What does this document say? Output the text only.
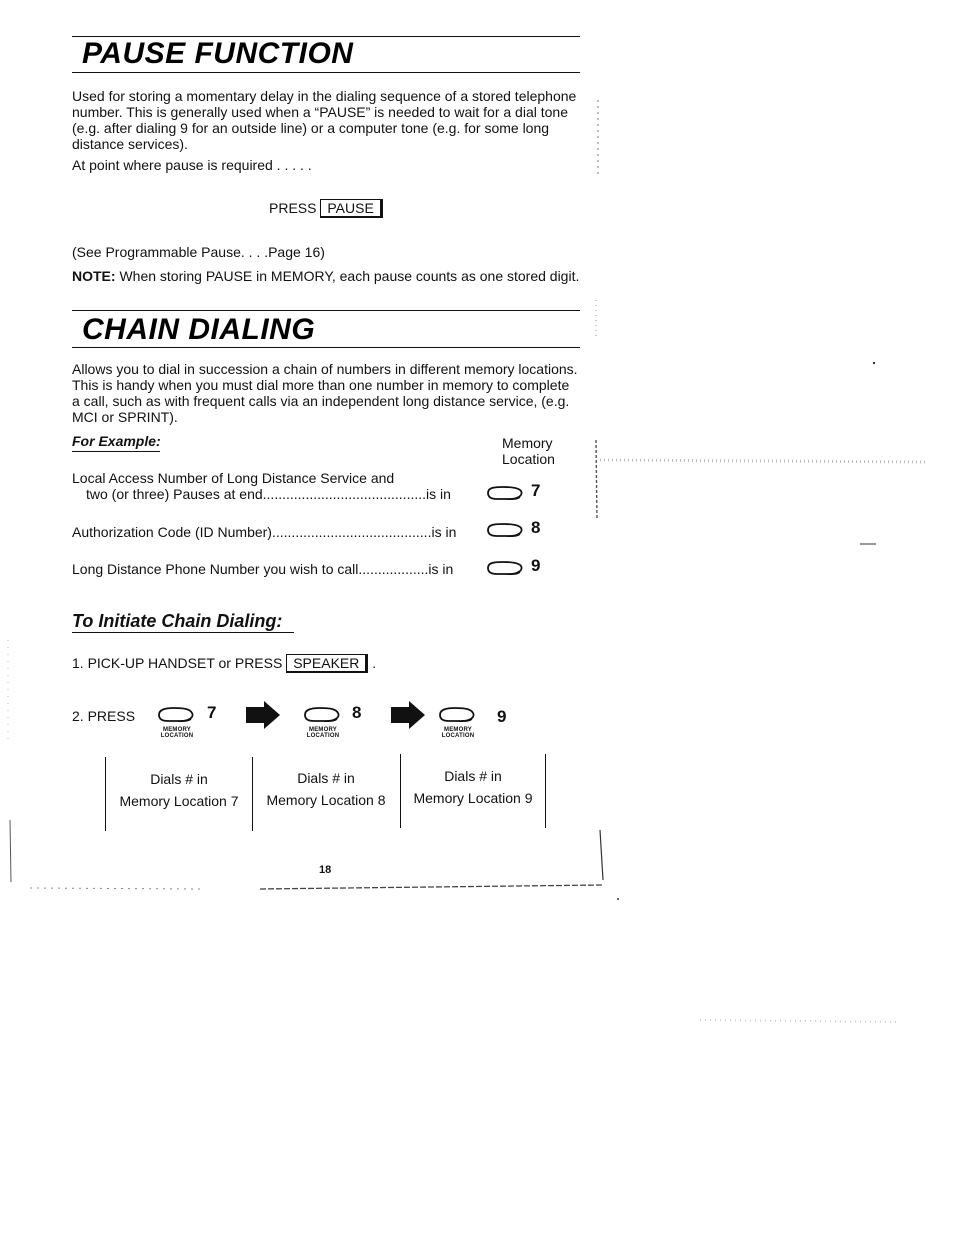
PAUSE FUNCTION
Used for storing a momentary delay in the dialing sequence of a stored telephone
number. This is generally used when a “PAUSE” is needed to wait for a dial tone
(e.g. after dialing 9 for an outside line) or a computer tone (e.g. for some long
distance services).
At point where pause is required . . . . .
PRESS PAUSE
(See Programmable Pause. . . .Page 16)
NOTE: When storing PAUSE in MEMORY, each pause counts as one stored digit.
CHAIN DIALING
Allows you to dial in succession a chain of numbers in different memory locations.
This is handy when you must dial more than one number in memory to complete
a call, such as with frequent calls via an independent long distance service, (e.g.
MCI or SPRINT).
For Example:	Memory
Location
Local Access Number of Long Distance Service and
two (or three) Pauses at end..........................................is in	7
Authorization Code (ID Number).........................................is in	8
Long Distance Phone Number you wish to call..................is in	9
To Initiate Chain Dialing:
1. PICK-UP HANDSET or PRESS SPEAKER .
2. PRESS
MEMORY
LOCATION
7
MEMORY
LOCATION
8
MEMORY
LOCATION
9
Dials # in
Memory Location 7
Dials # in
Memory Location 8
Dials # in
Memory Location 9
18
